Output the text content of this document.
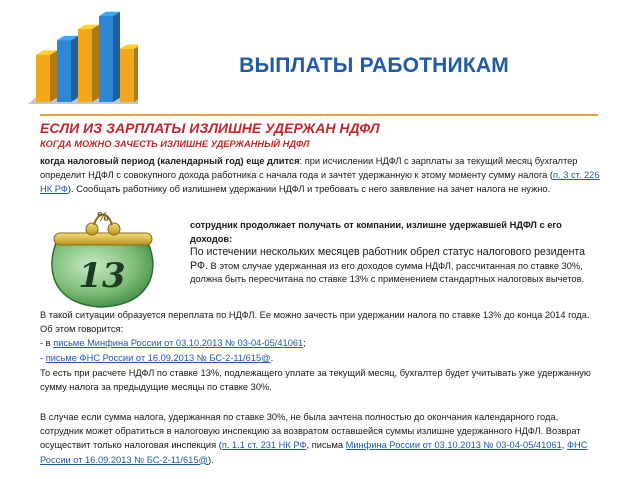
ВЫПЛАТЫ РАБОТНИКАМ
ЕСЛИ ИЗ ЗАРПЛАТЫ ИЗЛИШНЕ УДЕРЖАН НДФЛ
КОГДА МОЖНО ЗАЧЕСТЬ ИЗЛИШНЕ УДЕРЖАННЫЙ НДФЛ
когда налоговый период (календарный год) еще длится: при исчислении НДФЛ с зарплаты за текущий месяц бухгалтер определит НДФЛ с совокупного дохода работника с начала года и зачтет удержанную к этому моменту сумму налога (п. 3 ст. 226 НК РФ). Сообщать работнику об излишнем удержании НДФЛ и требовать с него заявление на зачет налога не нужно.
%
13
сотрудник продолжает получать от компании, излишне удержавшей НДФЛ с его доходов:
По истечении нескольких месяцев работник обрел статус налогового резидента РФ. В этом случае удержанная из его доходов сумма НДФЛ, рассчитанная по ставке 30%, должна быть пересчитана по ставке 13% с применением стандартных налоговых вычетов.
В такой ситуации образуется переплата по НДФЛ. Ее можно зачесть при удержании налога по ставке 13% до конца 2014 года. Об этом говорится:
- в письме Минфина России от 03.10.2013 № 03-04-05/41061;
- письме ФНС России от 16.09.2013 № БС-2-11/615@.
То есть при расчете НДФЛ по ставке 13%, подлежащего уплате за текущий месяц, бухгалтер будет учитывать уже удержанную сумму налога за предыдущие месяцы по ставке 30%.
В случае если сумма налога, удержанная по ставке 30%, не была зачтена полностью до окончания календарного года, сотрудник может обратиться в налоговую инспекцию за возвратом оставшейся суммы излишне удержанного НДФЛ. Возврат осуществит только налоговая инспекция (п. 1.1 ст. 231 НК РФ, письма Минфина России от 03.10.2013 № 03-04-05/41061, ФНС России от 16.09.2013 № БС-2-11/615@).
